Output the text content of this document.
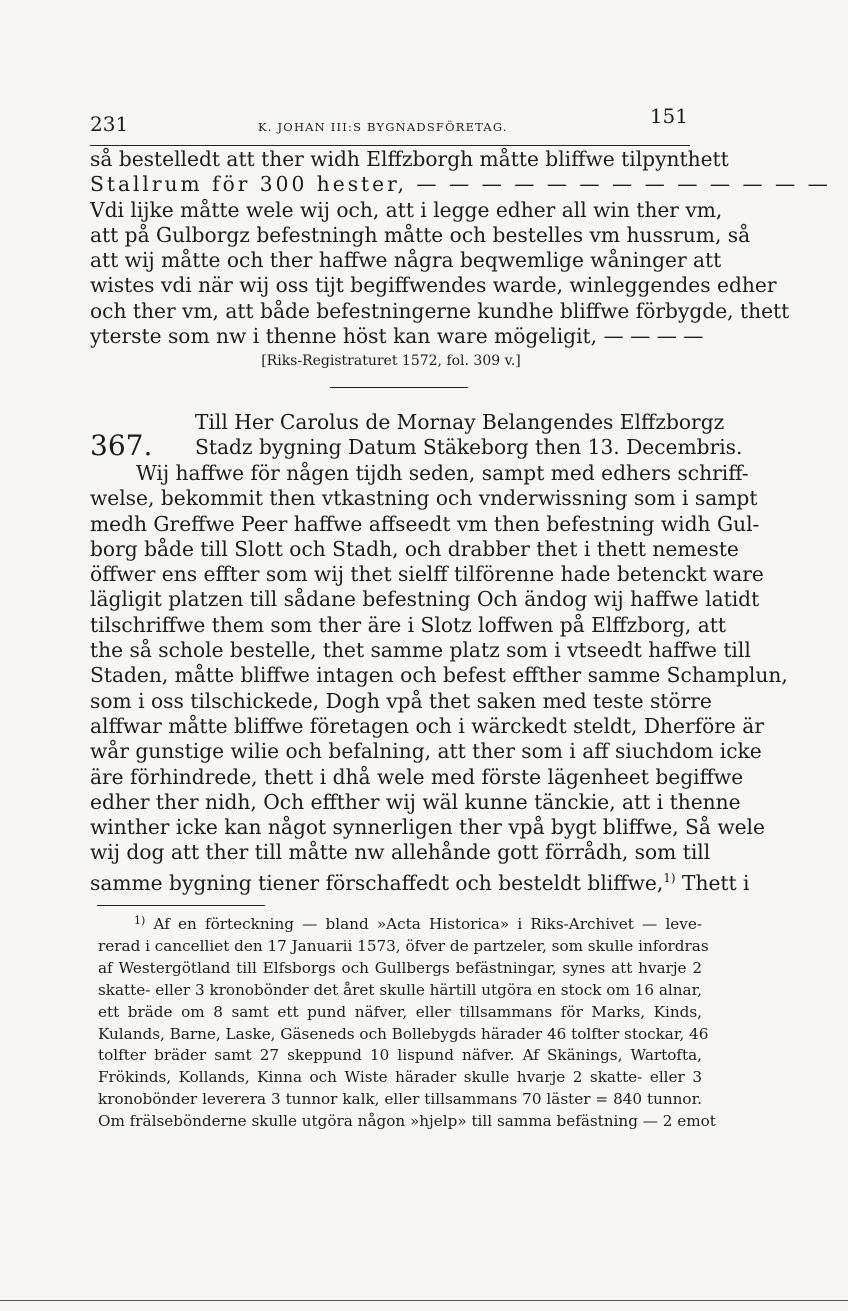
231	K. JOHAN III:S BYGNADSFÖRETAG.	151
så bestelledt att ther widh Elffzborgh måtte bliffwe tilpynthett
Stallrum för 300 hester, — — — — — — — — — — — — —
Vdi lijke måtte wele wij och, att i legge edher all win ther vm,
att på Gulborgz befestningh måtte och bestelles vm hussrum, så
att wij måtte och ther haffwe några beqwemlige wåninger att
wistes vdi när wij oss tijt begiffwendes warde, winleggendes edher
och ther vm, att både befestningerne kundhe bliffwe förbygde, thett
yterste som nw i thenne höst kan ware mögeligit, — — — —
[Riks-Registraturet 1572, fol. 309 v.]
367.
Till Her Carolus de Mornay Belangendes Elffzborgz
Stadz bygning Datum Stäkeborg then 13. Decembris.
Wij haffwe för någen tijdh seden, sampt med edhers schriff-
welse, bekommit then vtkastning och vnderwissning som i sampt
medh Greffwe Peer haffwe affseedt vm then befestning widh Gul-
borg både till Slott och Stadh, och drabber thet i thett nemeste
öffwer ens effter som wij thet sielff tilförenne hade betenckt ware
lägligit platzen till sådane befestning Och ändog wij haffwe latidt
tilschriffwe them som ther äre i Slotz loffwen på Elffzborg, att
the så schole bestelle, thet samme platz som i vtseedt haffwe till
Staden, måtte bliffwe intagen och befest effther samme Schamplun,
som i oss tilschickede, Dogh vpå thet saken med teste störrе
alffwar måtte bliffwe företagen och i wärckedt steldt, Dherföre är
wår gunstige wilie och befalning, att ther som i aff siuchdom icke
äre förhindrede, thett i dhå wele med förste lägenheet begiffwe
edher ther nidh, Och effther wij wäl kunne tänckie, att i thenne
winther icke kan något synnerligen ther vpå bygt bliffwe, Så wele
wij dog att ther till måtte nw allehånde gott förrådh, som till
samme bygning tiener förschaffedt och besteldt bliffwe,$^{1)}$ Thett i
$^{1)}$ Af en förteckning — bland »Acta Historica» i Riks-Archivet — leve-
rerad i cancelliet den 17 Januarii 1573, öfver de partzeler, som skulle infordras
af Westergötland till Elfsborgs och Gullbergs befästningar, synes att hvarje 2
skatte- eller 3 kronobönder det året skulle härtill utgöra en stock om 16 alnar,
ett bräde om 8 samt ett pund näfver, eller tillsammans för Marks, Kinds,
Kulands, Barne, Laske, Gäseneds och Bollebygds härader 46 tolfter stockar, 46
tolfter bräder samt 27 skeppund 10 lispund näfver. Af Skänings, Wartofta,
Frökinds, Kollands, Kinna och Wiste härader skulle hvarje 2 skatte- eller 3
kronobönder leverera 3 tunnor kalk, eller tillsammans 70 läster = 840 tunnor.
Om frälsebönderne skulle utgöra någon »hjelp» till samma befästning — 2 emot
